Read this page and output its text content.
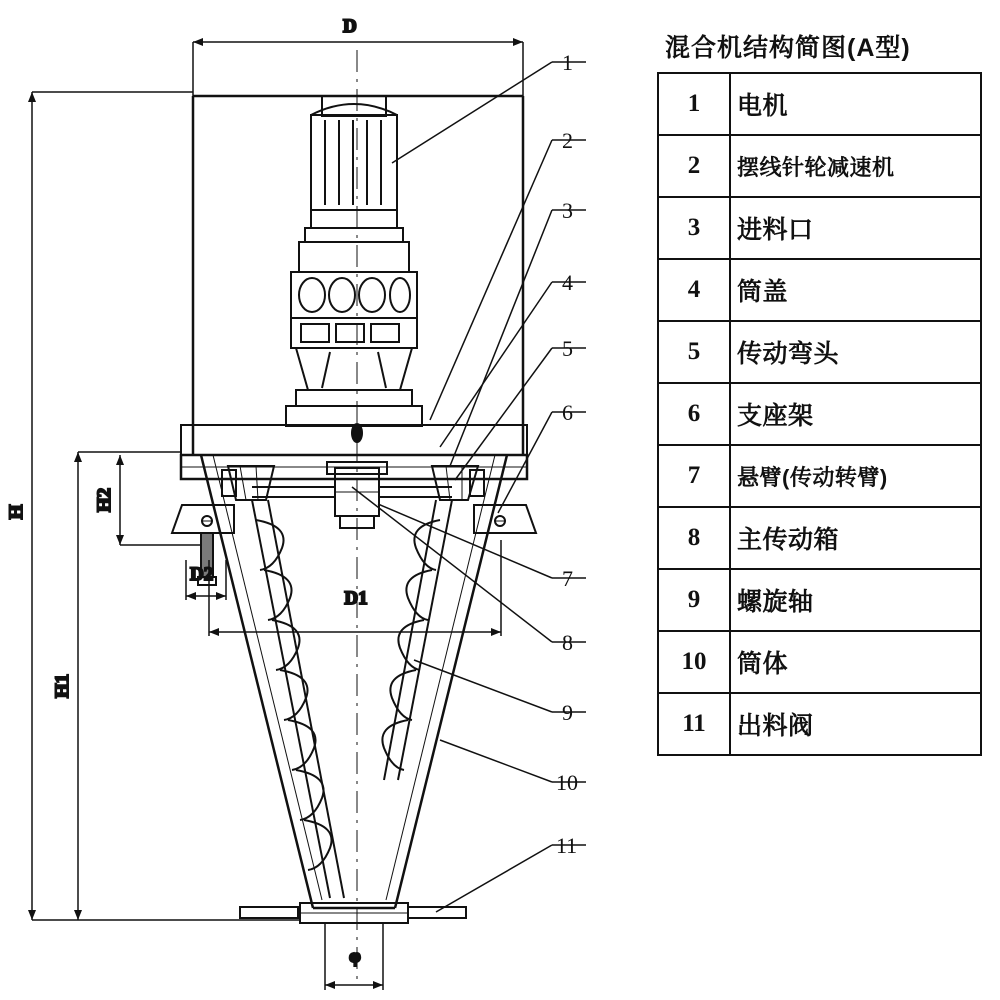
D
φ
H
H1
H2
D2
D1
1
2
3
4
5
6
7
8
9
10
11
混合机结构简图(A型)
1	电机
2	摆线针轮减速机
3	进料口
4	筒盖
5	传动弯头
6	支座架
7	悬臂(传动转臂)
8	主传动箱
9	螺旋轴
10	筒体
11	出料阀
